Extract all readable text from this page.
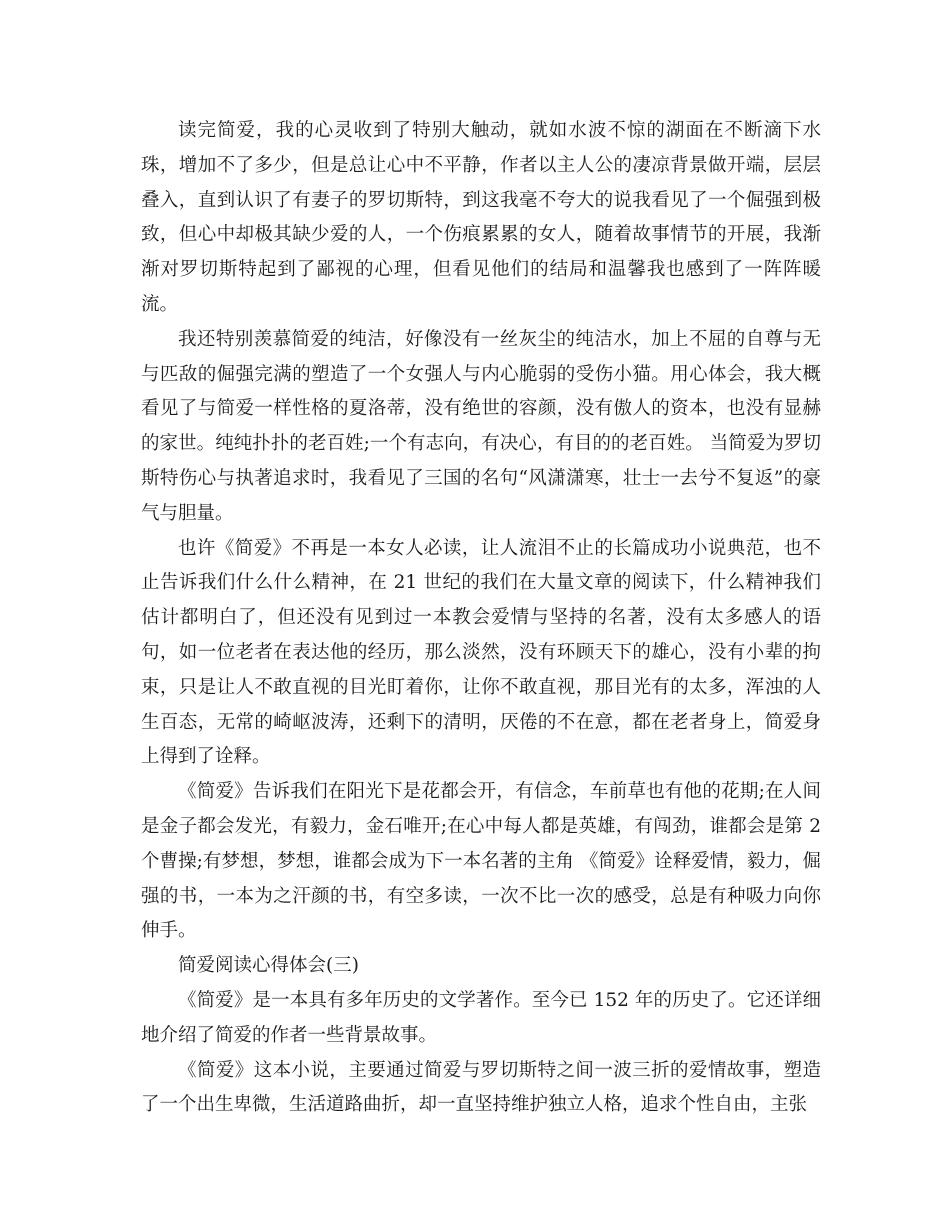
读完简爱，我的心灵收到了特别大触动，就如水波不惊的湖面在不断滴下水珠，增加不了多少，但是总让心中不平静，作者以主人公的凄凉背景做开端，层层叠入，直到认识了有妻子的罗切斯特，到这我毫不夸大的说我看见了一个倔强到极致，但心中却极其缺少爱的人，一个伤痕累累的女人，随着故事情节的开展，我渐渐对罗切斯特起到了鄙视的心理，但看见他们的结局和温馨我也感到了一阵阵暖流。

我还特别羡慕简爱的纯洁，好像没有一丝灰尘的纯洁水，加上不屈的自尊与无与匹敌的倔强完满的塑造了一个女强人与内心脆弱的受伤小猫。用心体会，我大概看见了与简爱一样性格的夏洛蒂，没有绝世的容颜，没有傲人的资本，也没有显赫的家世。纯纯扑扑的老百姓;一个有志向，有决心，有目的的老百姓。 当简爱为罗切斯特伤心与执著追求时，我看见了三国的名句“风潇潇寒，壮士一去兮不复返”的豪气与胆量。

也许《简爱》不再是一本女人必读，让人流泪不止的长篇成功小说典范，也不止告诉我们什么什么精神，在 21 世纪的我们在大量文章的阅读下，什么精神我们估计都明白了，但还没有见到过一本教会爱情与坚持的名著，没有太多感人的语句，如一位老者在表达他的经历，那么淡然，没有环顾天下的雄心，没有小辈的拘束，只是让人不敢直视的目光盯着你，让你不敢直视，那目光有的太多，浑浊的人生百态，无常的崎岖波涛，还剩下的清明，厌倦的不在意，都在老者身上，简爱身上得到了诠释。

《简爱》告诉我们在阳光下是花都会开，有信念，车前草也有他的花期;在人间是金子都会发光，有毅力，金石唯开;在心中每人都是英雄，有闯劲，谁都会是第 2 个曹操;有梦想，梦想，谁都会成为下一本名著的主角 《简爱》诠释爱情，毅力，倔强的书，一本为之汗颜的书，有空多读，一次不比一次的感受，总是有种吸力向你伸手。

简爱阅读心得体会(三)

《简爱》是一本具有多年历史的文学著作。至今已 152 年的历史了。它还详细地介绍了简爱的作者一些背景故事。

《简爱》这本小说，主要通过简爱与罗切斯特之间一波三折的爱情故事，塑造了一个出生卑微，生活道路曲折，却一直坚持维护独立人格，追求个性自由，主张
